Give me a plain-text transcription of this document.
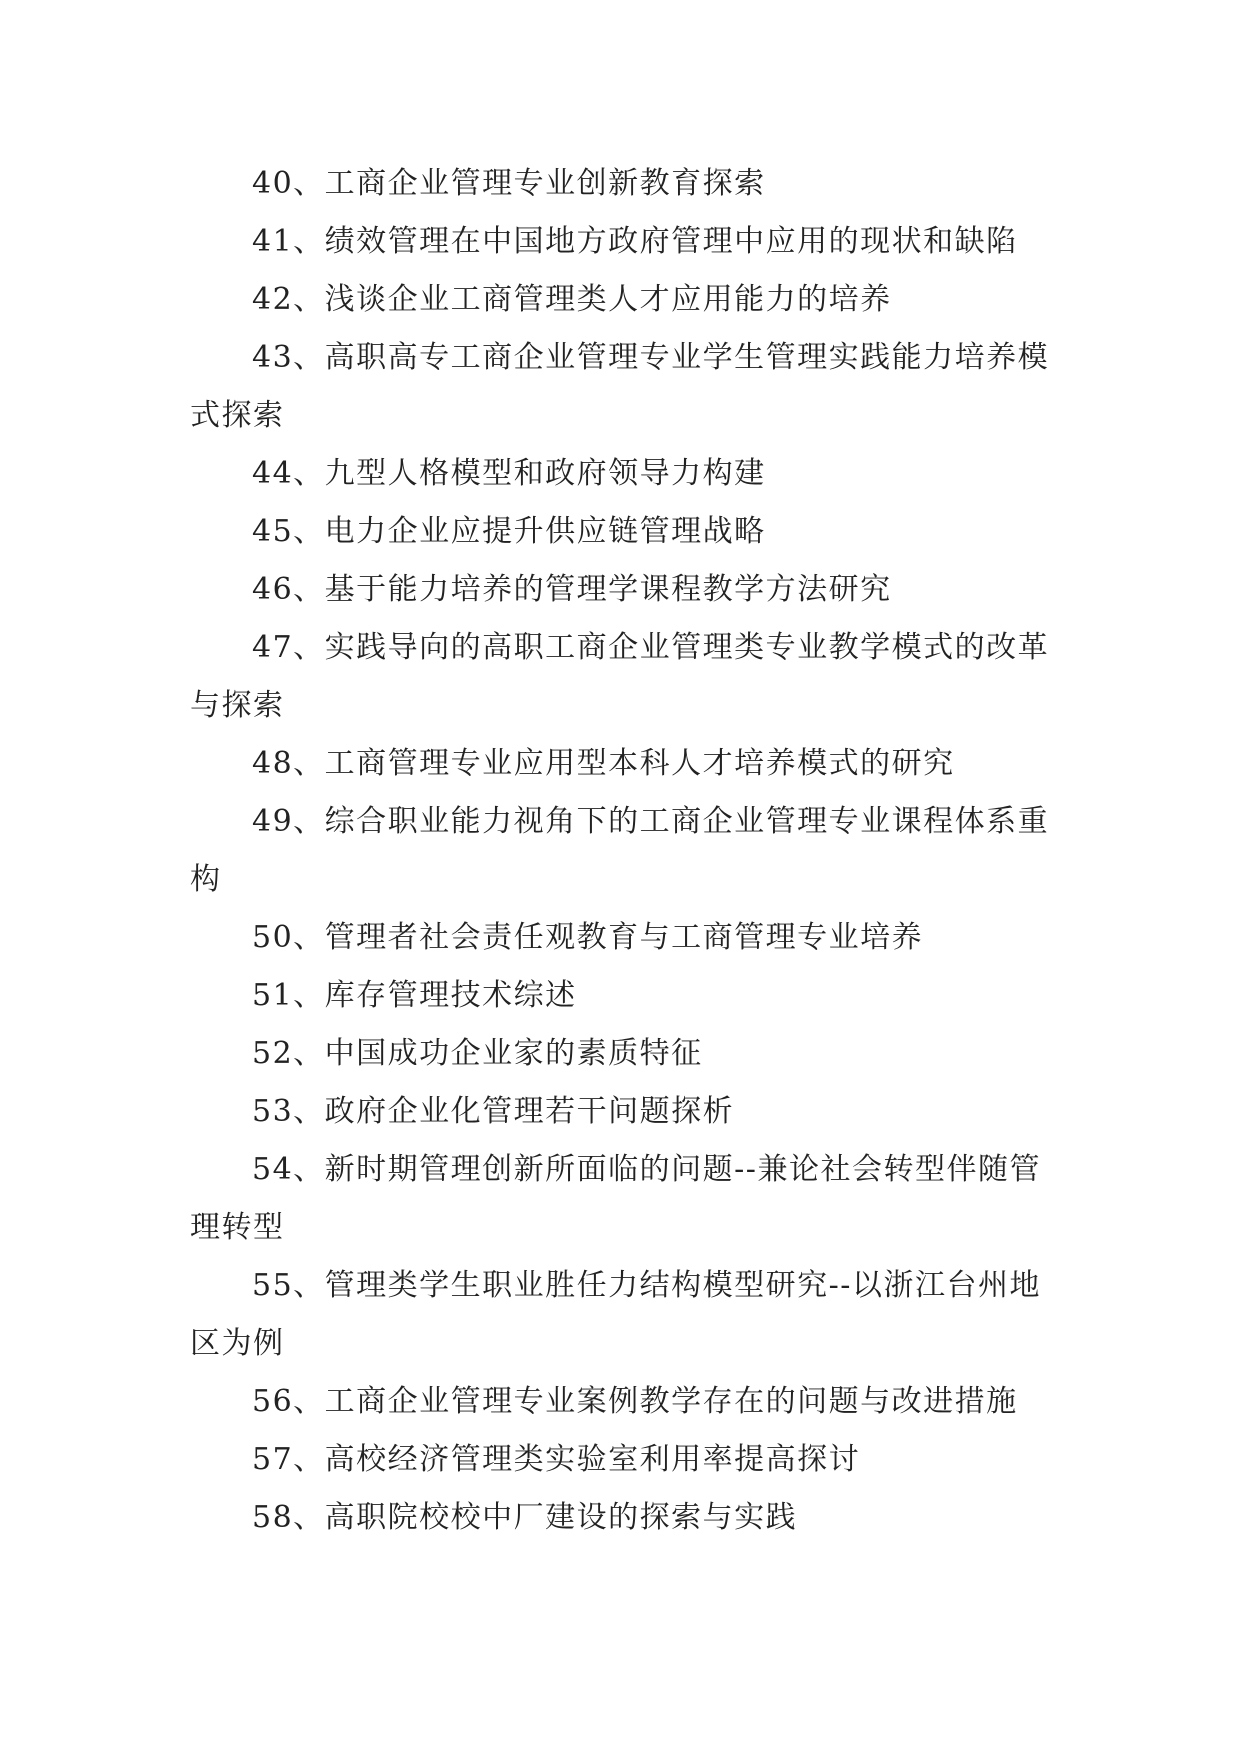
40、工商企业管理专业创新教育探索
41、绩效管理在中国地方政府管理中应用的现状和缺陷
42、浅谈企业工商管理类人才应用能力的培养
43、高职高专工商企业管理专业学生管理实践能力培养模式探索
44、九型人格模型和政府领导力构建
45、电力企业应提升供应链管理战略
46、基于能力培养的管理学课程教学方法研究
47、实践导向的高职工商企业管理类专业教学模式的改革与探索
48、工商管理专业应用型本科人才培养模式的研究
49、综合职业能力视角下的工商企业管理专业课程体系重构
50、管理者社会责任观教育与工商管理专业培养
51、库存管理技术综述
52、中国成功企业家的素质特征
53、政府企业化管理若干问题探析
54、新时期管理创新所面临的问题--兼论社会转型伴随管理转型
55、管理类学生职业胜任力结构模型研究--以浙江台州地区为例
56、工商企业管理专业案例教学存在的问题与改进措施
57、高校经济管理类实验室利用率提高探讨
58、高职院校校中厂建设的探索与实践
